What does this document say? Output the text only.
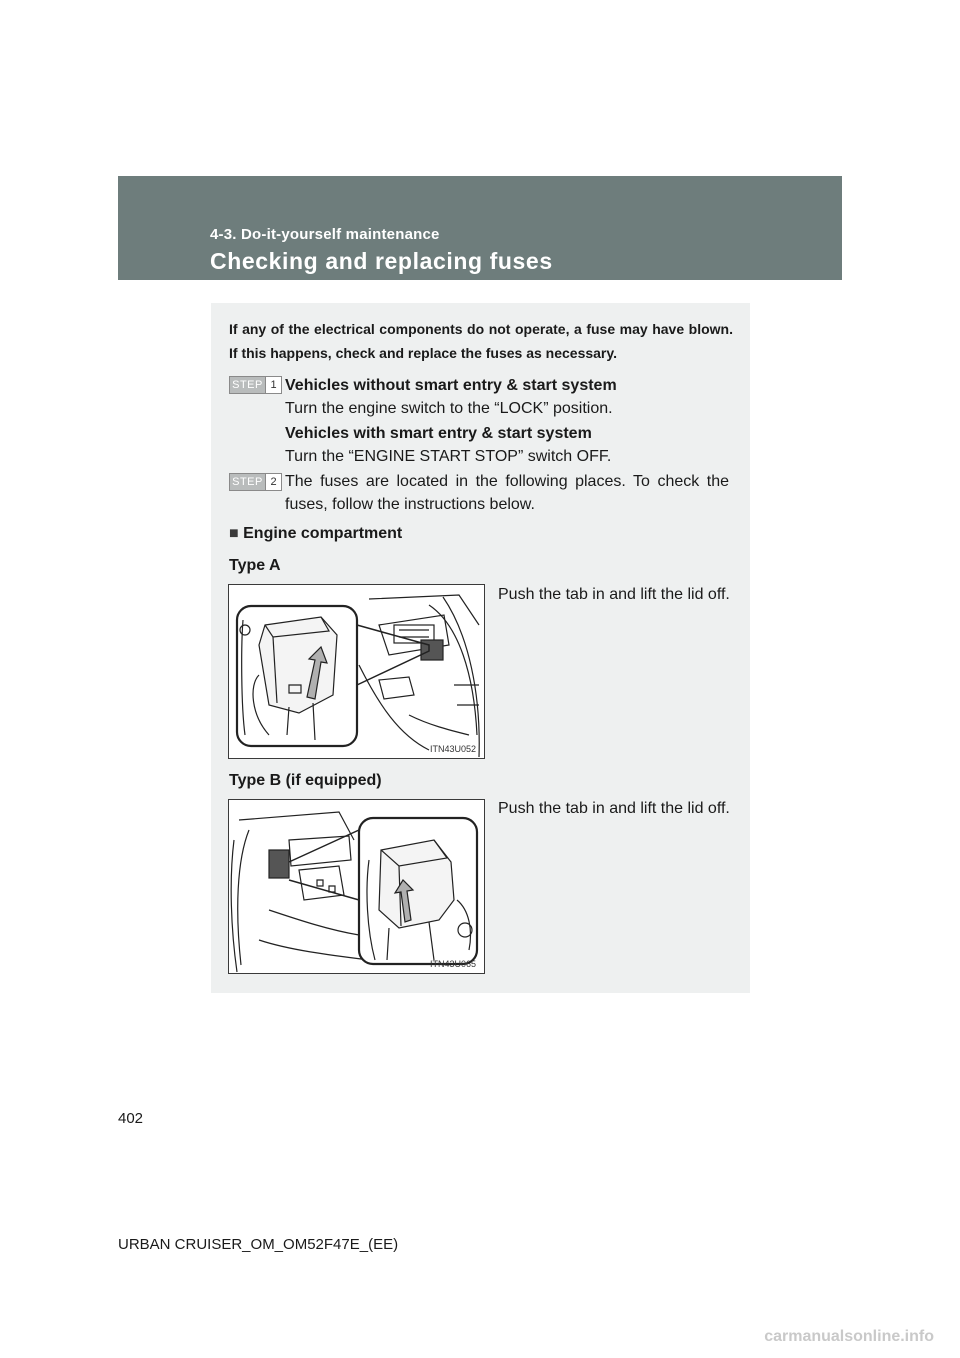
4-3. Do-it-yourself maintenance
Checking and replacing fuses
If any of the electrical components do not operate, a fuse may have blown. If this happens, check and replace the fuses as necessary.
STEP 1 Vehicles without smart entry & start system
Turn the engine switch to the “LOCK” position.
Vehicles with smart entry & start system
Turn the “ENGINE START STOP” switch OFF.
STEP 2 The fuses are located in the following places. To check the fuses, follow the instructions below.
■ Engine compartment
Type A
Push the tab in and lift the lid off.
ITN43U052
Type B (if equipped)
Push the tab in and lift the lid off.
ITN43U065
402
URBAN CRUISER_OM_OM52F47E_(EE)
carmanualsonline.info
